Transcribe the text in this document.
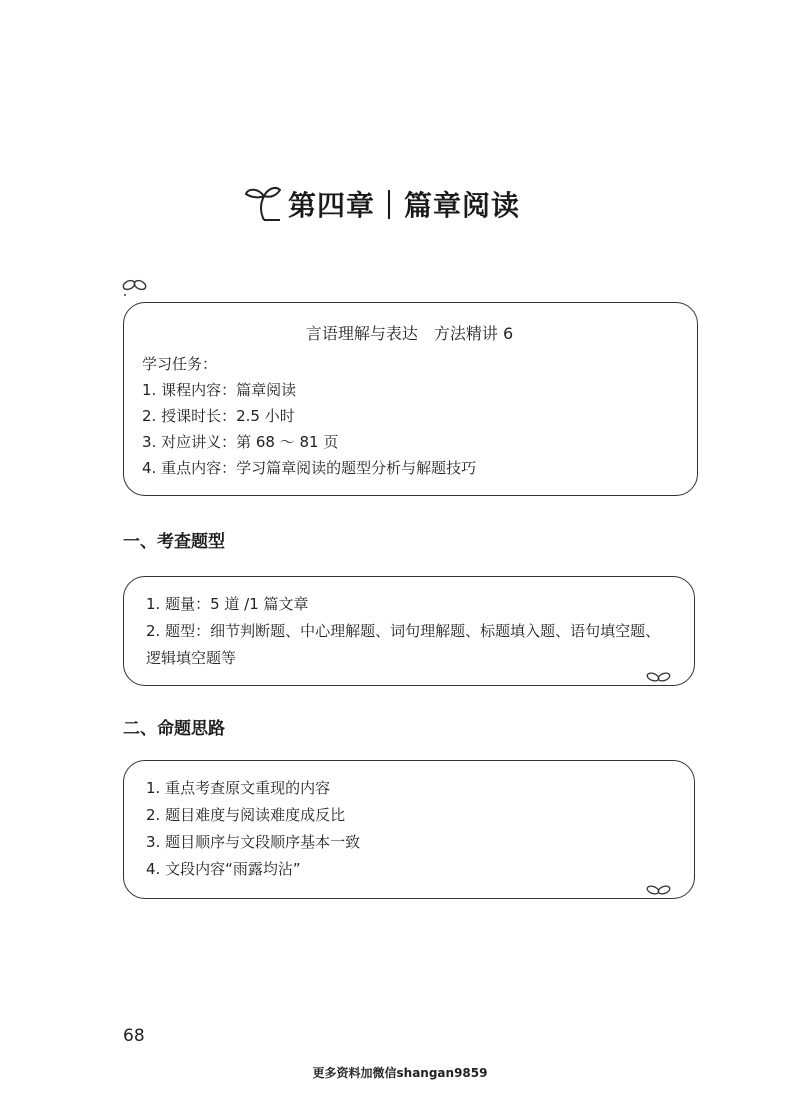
第四章｜篇章阅读
言语理解与表达　方法精讲 6
学习任务：
1. 课程内容：篇章阅读
2. 授课时长：2.5 小时
3. 对应讲义：第 68 ～ 81 页
4. 重点内容：学习篇章阅读的题型分析与解题技巧
一、考查题型
1. 题量：5 道 /1 篇文章
2. 题型：细节判断题、中心理解题、词句理解题、标题填入题、语句填空题、逻辑填空题等
二、命题思路
1. 重点考查原文重现的内容
2. 题目难度与阅读难度成反比
3. 题目顺序与文段顺序基本一致
4. 文段内容“雨露均沾”
68
更多资料加微信shangan9859
